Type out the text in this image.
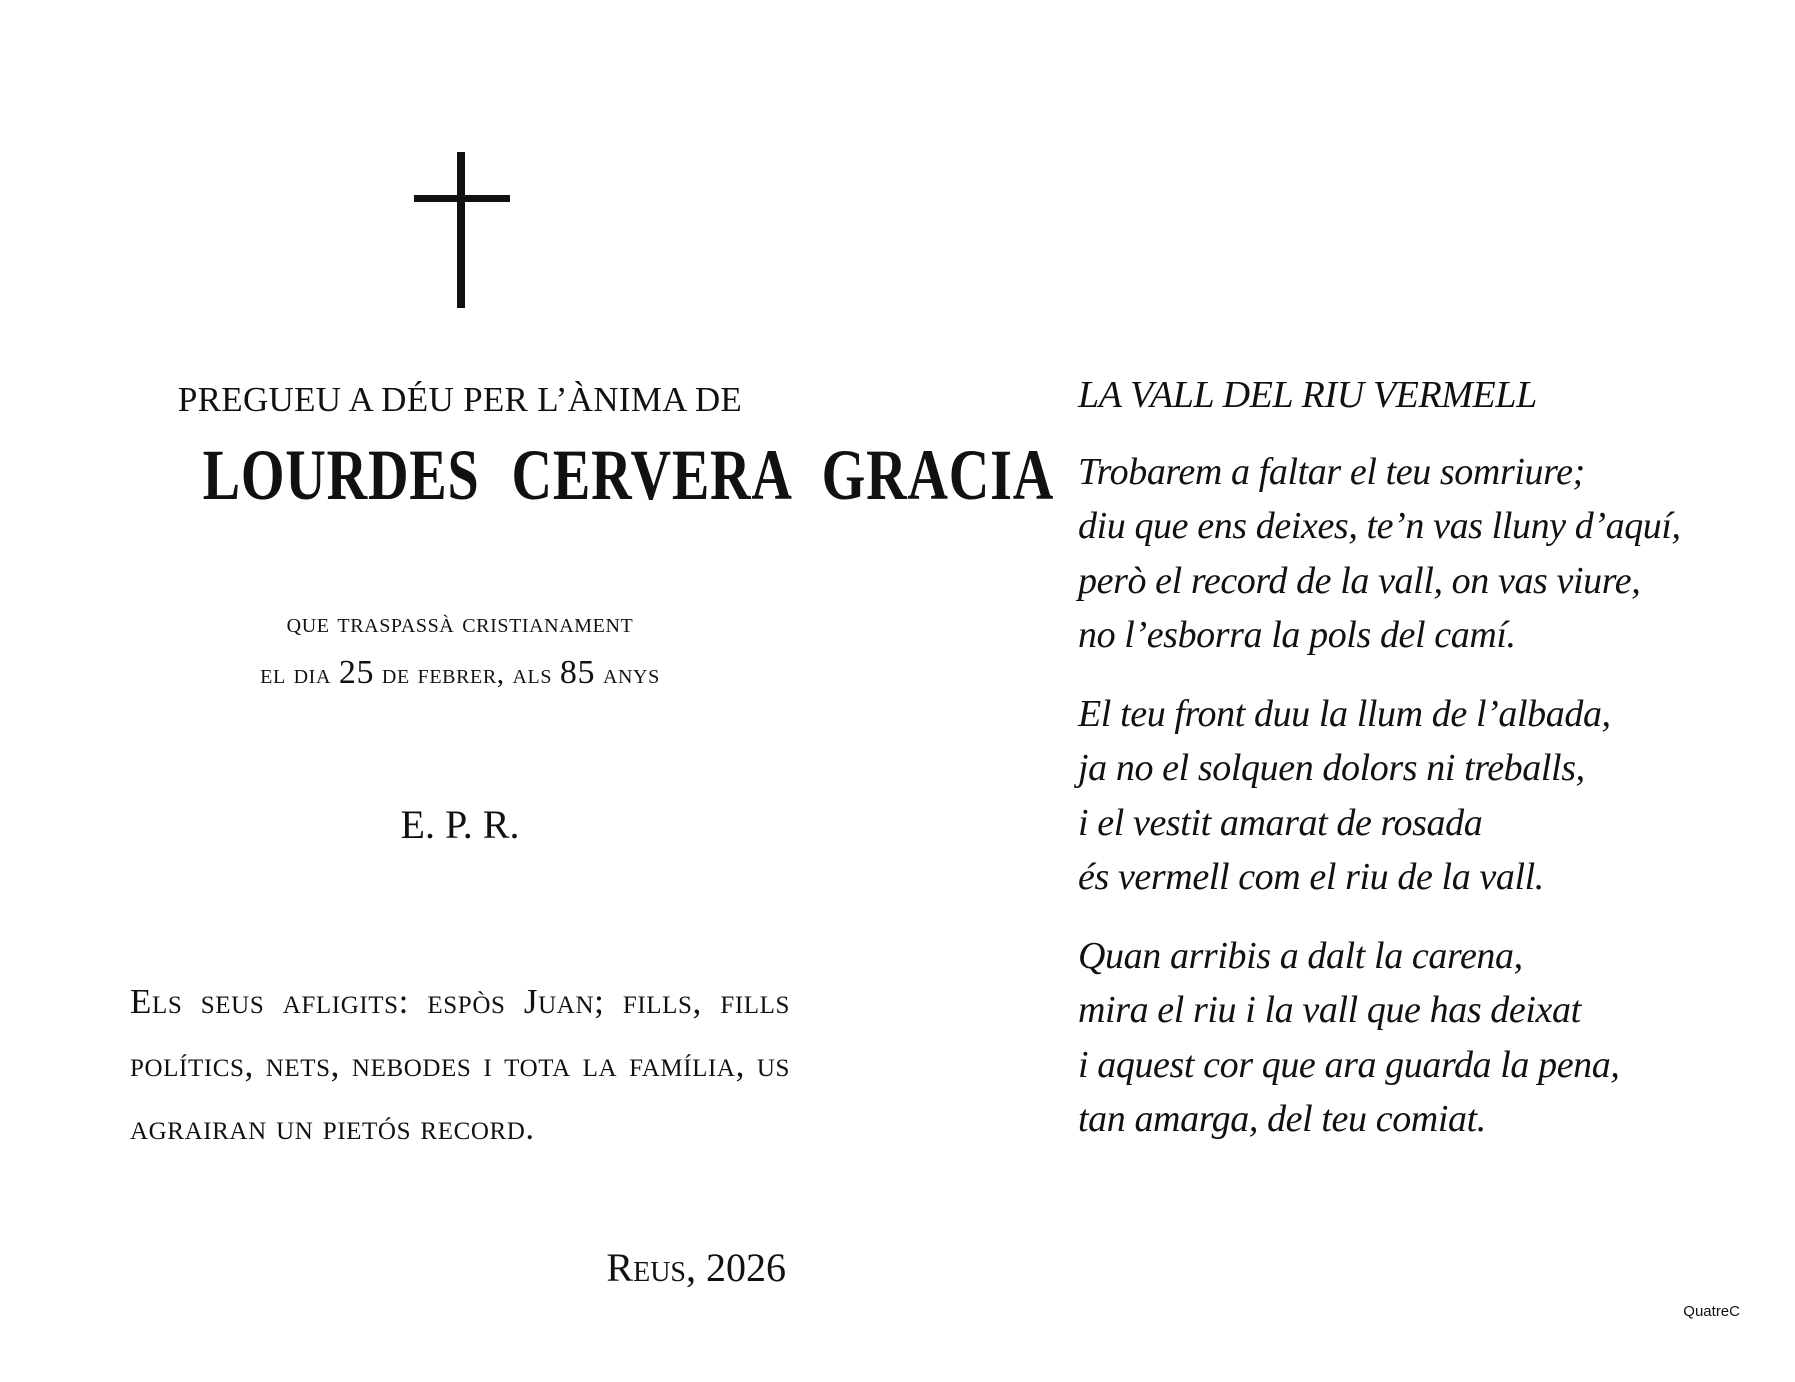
PREGUEU A DÉU PER L’ÀNIMA DE
LOURDES CERVERA GRACIA
que traspassà cristianament
el dia 25 de febrer, als 85 anys
E. P. R.
Els seus afligits: espòs Juan; fills, fills polítics, nets, nebodes i tota la família, us agrairan un pietós record.
Reus, 2026
LA VALL DEL RIU VERMELL
Trobarem a faltar el teu somriure;
diu que ens deixes, te’n vas lluny d’aquí,
però el record de la vall, on vas viure,
no l’esborra la pols del camí.
El teu front duu la llum de l’albada,
ja no el solquen dolors ni treballs,
i el vestit amarat de rosada
és vermell com el riu de la vall.
Quan arribis a dalt la carena,
mira el riu i la vall que has deixat
i aquest cor que ara guarda la pena,
tan amarga, del teu comiat.
QuatreC
